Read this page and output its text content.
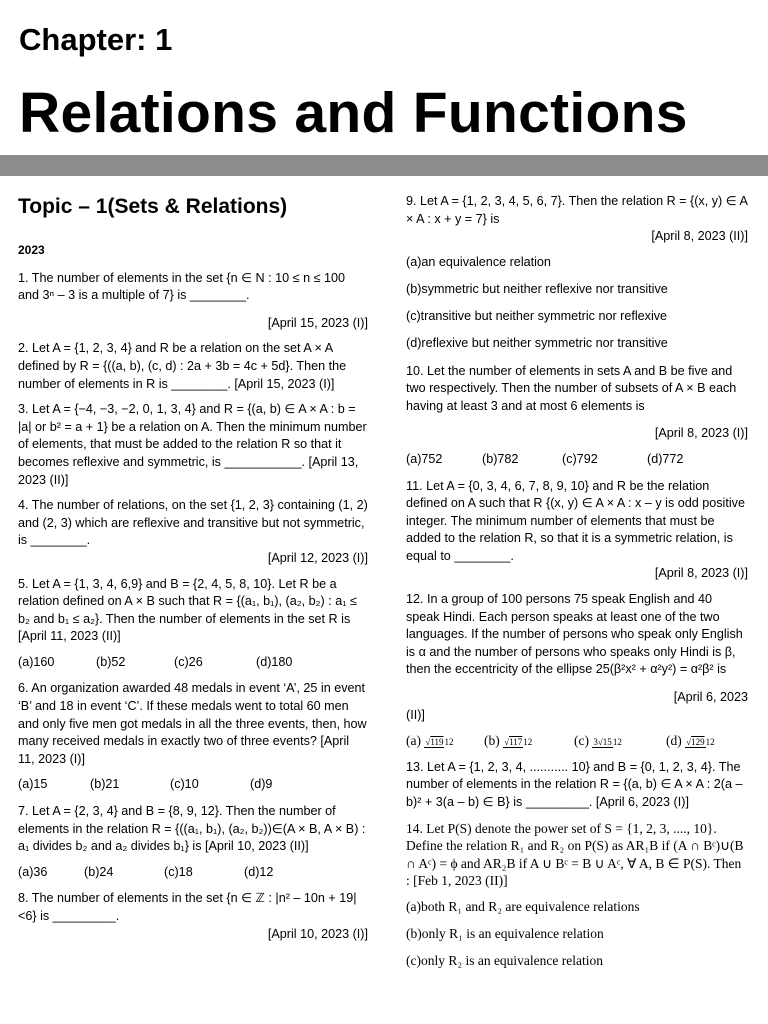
Chapter: 1
Relations and Functions
Topic – 1(Sets & Relations)
2023
1. The number of elements in the set {n ∈ N : 10 ≤ n ≤ 100 and 3ⁿ – 3 is a multiple of 7} is ________.
[April 15, 2023 (I)]
2. Let A = {1, 2, 3, 4} and R be a relation on the set A × A defined by R = {((a, b), (c, d) : 2a + 3b = 4c + 5d}. Then the number of elements in R is ________. [April 15, 2023 (I)]
3. Let A = {−4, −3, −2, 0, 1, 3, 4} and R = {(a, b) ∈ A × A : b = |a| or b² = a + 1} be a relation on A. Then the minimum number of elements, that must be added to the relation R so that it becomes reflexive and symmetric, is ___________. [April 13, 2023 (II)]
4. The number of relations, on the set {1, 2, 3} containing (1, 2) and (2, 3) which are reflexive and transitive but not symmetric, is ________.
[April 12, 2023 (I)]
5. Let A = {1, 3, 4, 6,9} and B = {2, 4, 5, 8, 10}. Let R be a relation defined on A × B such that R = {(a₁, b₁), (a₂, b₂) : a₁ ≤ b₂ and b₁ ≤ a₂}. Then the number of elements in the set R is [April 11, 2023 (II)]
(a)160	(b)52	(c)26	(d)180
6. An organization awarded 48 medals in event ‘A’, 25 in event ‘B’ and 18 in event ‘C’. If these medals went to total 60 men and only five men got medals in all the three events, then, how many received medals in exactly two of three events? [April 11, 2023 (I)]
(a)15	(b)21	(c)10	(d)9
7. Let A = {2, 3, 4} and B = {8, 9, 12}. Then the number of elements in the relation R = {((a₁, b₁), (a₂, b₂))∈(A × B, A × B) : a₁ divides b₂ and a₂ divides b₁} is [April 10, 2023 (II)]
(a)36	(b)24	(c)18	(d)12
8. The number of elements in the set {n ∈ ℤ : |n² – 10n + 19|<6} is _________.
[April 10, 2023 (I)]
9. Let A = {1, 2, 3, 4, 5, 6, 7}. Then the relation R = {(x, y) ∈ A × A : x + y = 7} is
[April 8, 2023 (II)]
(a)an equivalence relation
(b)symmetric but neither reflexive nor transitive
(c)transitive but neither symmetric nor reflexive
(d)reflexive but neither symmetric nor transitive
10. Let the number of elements in sets A and B be five and two respectively. Then the number of subsets of A × B each having at least 3 and at most 6 elements is
[April 8, 2023 (I)]
(a)752	(b)782	(c)792	(d)772
11. Let A = {0, 3, 4, 6, 7, 8, 9, 10} and R be the relation defined on A such that R {(x, y) ∈ A × A : x – y is odd positive integer. The minimum number of elements that must be added to the relation R, so that it is a symmetric relation, is equal to ________.
[April 8, 2023 (I)]
12. In a group of 100 persons 75 speak English and 40 speak Hindi. Each person speaks at least one of the two languages. If the number of persons who speak only English is α and the number of persons who speaks only Hindi is β, then the eccentricity of the ellipse 25(β²x² + α²y²) = α²β² is
[April 6, 2023
(II)]
(a) √11912	(b) √11712	(c) 3√1512	(d) √12912
13. Let A = {1, 2, 3, 4, ........... 10} and B = {0, 1, 2, 3, 4}. The number of elements in the relation R = {(a, b) ∈ A × A : 2(a – b)² + 3(a – b) ∈ B} is _________. [April 6, 2023 (I)]
14. Let P(S) denote the power set of S = {1, 2, 3, ...., 10}. Define the relation R₁ and R₂ on P(S) as AR₁B if (A ∩ Bᶜ)∪(B ∩ Aᶜ) = ϕ and AR₂B if A ∪ Bᶜ = B ∪ Aᶜ, ∀ A, B ∈ P(S). Then : [Feb 1, 2023 (II)]
(a)both R₁ and R₂ are equivalence relations
(b)only R₁ is an equivalence relation
(c)only R₂ is an equivalence relation
